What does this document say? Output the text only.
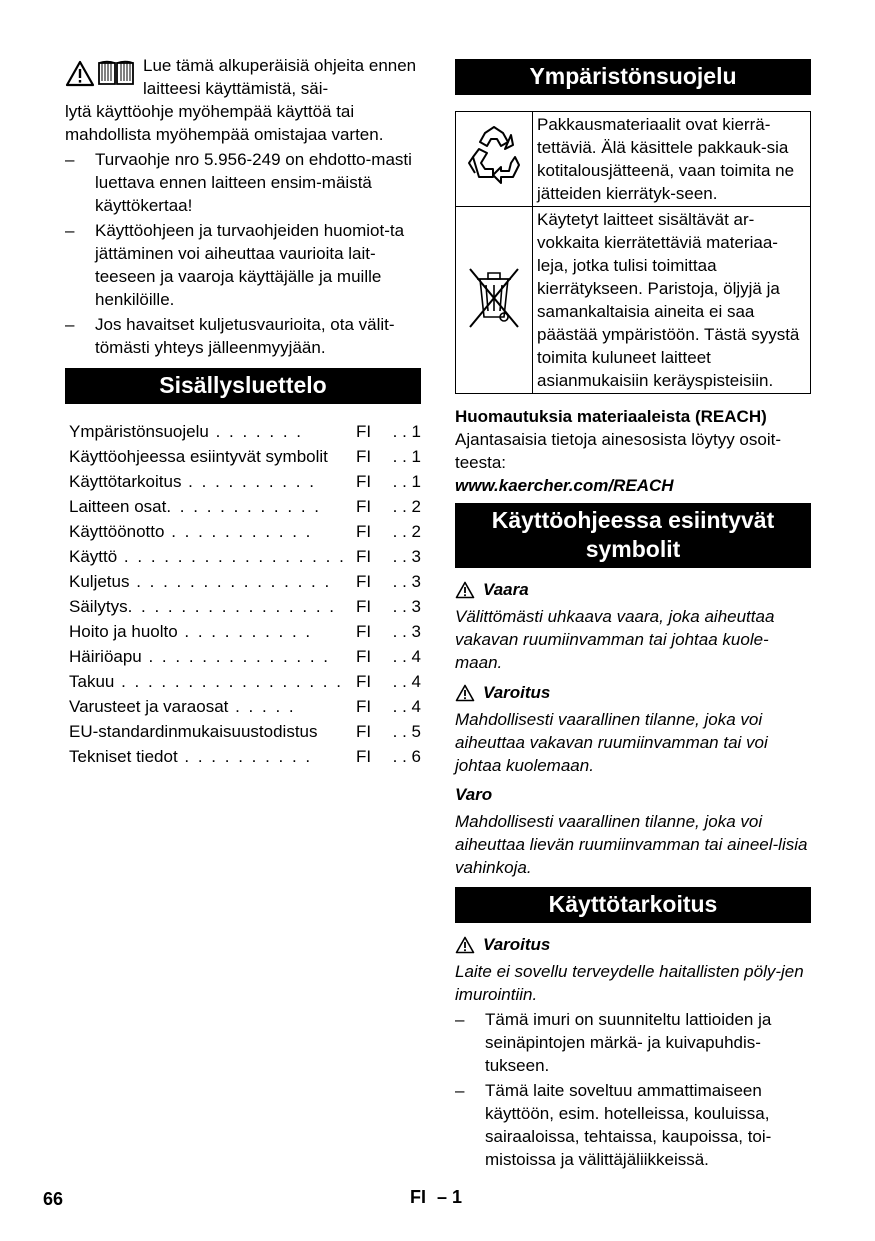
Lue tämä alkuperäisiä ohjeita ennen laitteesi käyttämistä, säi-

lytä käyttöohje myöhempää käyttöä tai mahdollista myöhempää omistajaa varten.

– Turvaohje nro 5.956-249 on ehdotto-masti luettava ennen laitteen ensim-mäistä käyttökertaa!
– Käyttöohjeen ja turvaohjeiden huomiot-ta jättäminen voi aiheuttaa vaurioita lait-teeseen ja vaaroja käyttäjälle ja muille henkilöille.
– Jos havaitset kuljetusvaurioita, ota välit-tömästi yhteys jälleenmyyjään.
Sisällysluettelo
Ympäristönsuojelu . . . . . . .	FI	. . 1
Käyttöohjeessa esiintyvät symbolit	FI	. . 1
Käyttötarkoitus . . . . . . . . . .	FI	. . 1
Laitteen osat. . . . . . . . . . . .	FI	. . 2
Käyttöönotto . . . . . . . . . . .	FI	. . 2
Käyttö . . . . . . . . . . . . . . . . . FI	. . 3
Kuljetus . . . . . . . . . . . . . . .	FI	. . 3
Säilytys. . . . . . . . . . . . . . . .	FI	. . 3
Hoito ja huolto . . . . . . . . . .	FI	. . 3
Häiriöapu . . . . . . . . . . . . . .	FI	. . 4
Takuu . . . . . . . . . . . . . . . . . FI	. . 4
Varusteet ja varaosat . . . . .	FI	. . 4
EU-standardinmukaisuustodistus	FI	. . 5
Tekniset tiedot . . . . . . . . . .	FI	. . 6
Ympäristönsuojelu
	Pakkausmateriaalit ovat kierrä-tettäviä. Älä käsittele pakkauk-sia kotitalousjätteenä, vaan toimita ne jätteiden kierrätyk-seen.
	Käytetyt laitteet sisältävät ar-vokkaita kierrätettäviä materiaa-leja, jotka tulisi toimittaa kierrätykseen. Paristoja, öljyjä ja samankaltaisia aineita ei saa päästää ympäristöön. Tästä syystä toimita kuluneet laitteet asianmukaisiin keräyspisteisiin.

Huomautuksia materiaaleista (REACH)

Ajantasaisia tietoja ainesosista löytyy osoit-teesta:

www.kaercher.com/REACH

Käyttöohjeessa esiintyvät symbolit
Vaara

Välittömästi uhkaava vaara, joka aiheuttaa vakavan ruumiinvamman tai johtaa kuole-maan.

Varoitus

Mahdollisesti vaarallinen tilanne, joka voi aiheuttaa vakavan ruumiinvamman tai voi johtaa kuolemaan.

Varo

Mahdollisesti vaarallinen tilanne, joka voi aiheuttaa lievän ruumiinvamman tai aineel-lisia vahinkoja.

Käyttötarkoitus
Varoitus

Laite ei sovellu terveydelle haitallisten pöly-jen imurointiin.

– Tämä imuri on suunniteltu lattioiden ja seinäpintojen märkä- ja kuivapuhdis-tukseen.
– Tämä laite soveltuu ammattimaiseen käyttöön, esim. hotelleissa, kouluissa, sairaaloissa, tehtaissa, kaupoissa, toi-mistoissa ja välittäjäliikkeissä.
66	FI – 1
